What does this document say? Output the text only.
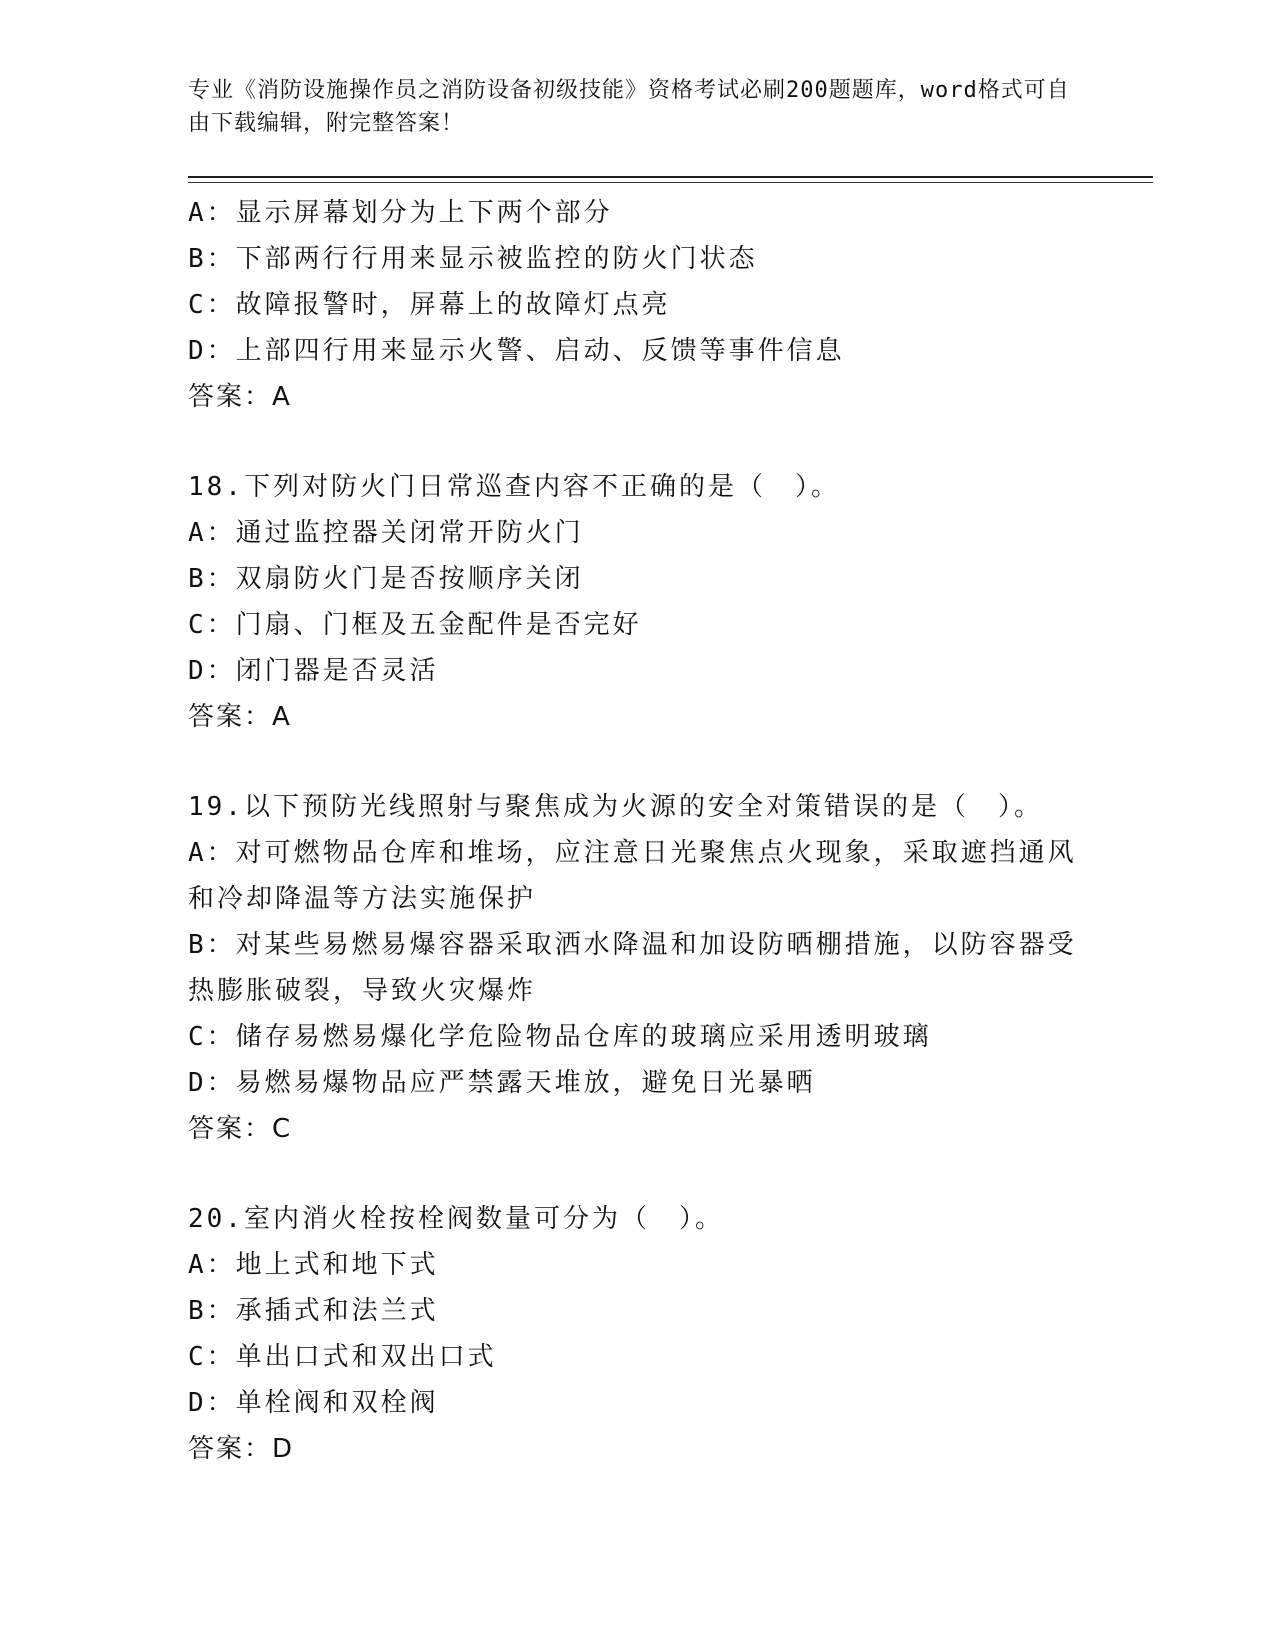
专业《消防设施操作员之消防设备初级技能》资格考试必刷200题题库，word格式可自由下载编辑，附完整答案！
A：显示屏幕划分为上下两个部分
B：下部两行行用来显示被监控的防火门状态
C：故障报警时，屏幕上的故障灯点亮
D：上部四行用来显示火警、启动、反馈等事件信息
答案：A
18.下列对防火门日常巡查内容不正确的是（　）。
A：通过监控器关闭常开防火门
B：双扇防火门是否按顺序关闭
C：门扇、门框及五金配件是否完好
D：闭门器是否灵活
答案：A
19.以下预防光线照射与聚焦成为火源的安全对策错误的是（　）。
A：对可燃物品仓库和堆场，应注意日光聚焦点火现象，采取遮挡通风和冷却降温等方法实施保护
B：对某些易燃易爆容器采取洒水降温和加设防晒棚措施，以防容器受热膨胀破裂，导致火灾爆炸
C：储存易燃易爆化学危险物品仓库的玻璃应采用透明玻璃
D：易燃易爆物品应严禁露天堆放，避免日光暴晒
答案：C
20.室内消火栓按栓阀数量可分为（　）。
A：地上式和地下式
B：承插式和法兰式
C：单出口式和双出口式
D：单栓阀和双栓阀
答案：D
